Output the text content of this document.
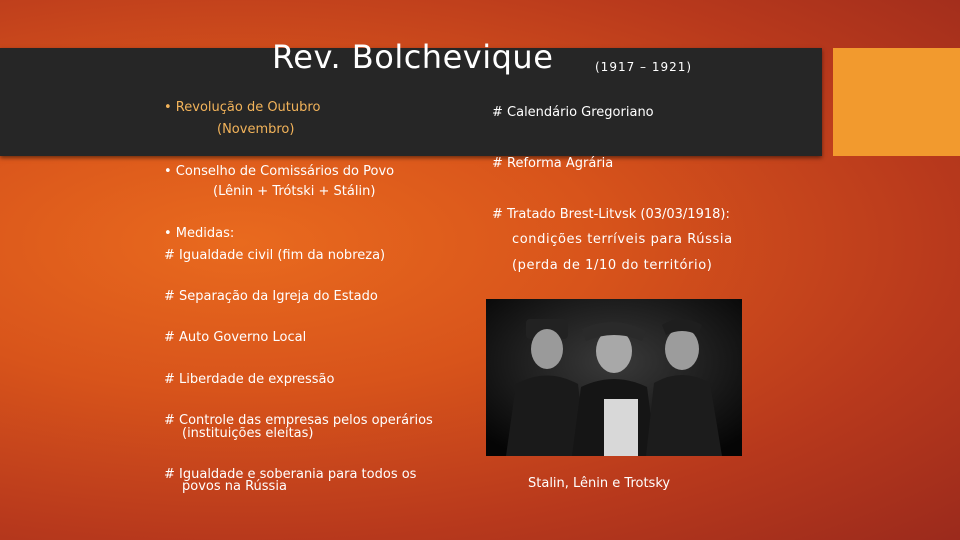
Rev. Bolchevique	(1917 – 1921)
• Revolução de Outubro
(Novembro)
• Conselho de Comissários do Povo
(Lênin + Trótski + Stálin)
• Medidas:
# Igualdade civil (fim da nobreza)
# Separação da Igreja do Estado
# Auto Governo Local
# Liberdade de expressão
# Controle das empresas pelos operários
(instituições eleitas)
# Igualdade e soberania para todos os
povos na Rússia
# Calendário Gregoriano
# Reforma Agrária
# Tratado Brest-Litvsk (03/03/1918):
condições terríveis para Rússia
(perda de 1/10 do território)
Stalin, Lênin e Trotsky
